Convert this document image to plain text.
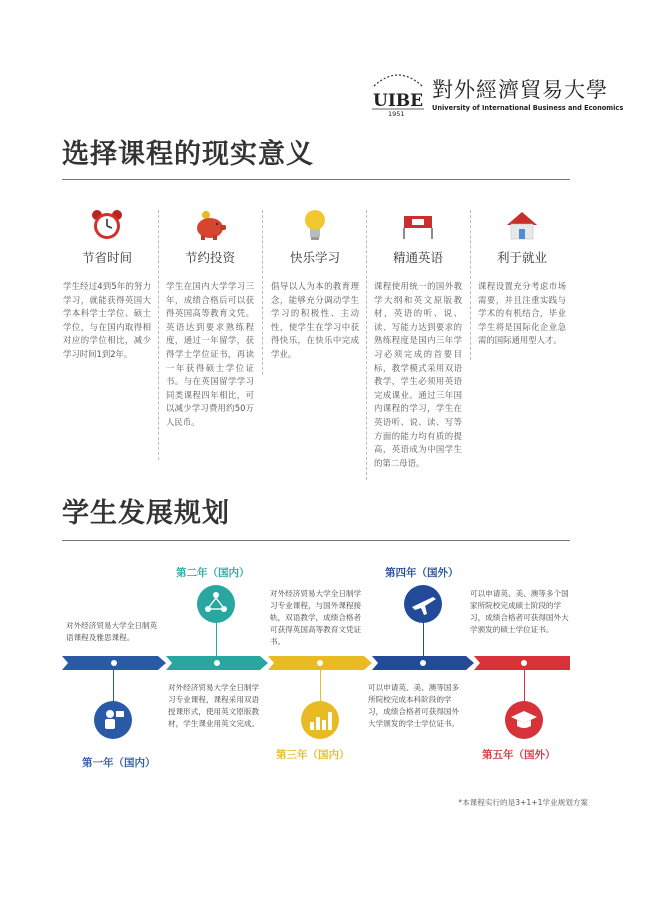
UIBE
1951
對外經濟貿易大學
University of International Business and Economics
选择课程的现实意义
节省时间
学生经过4到5年的努力学习，就能获得英国大学本科学士学位、硕士学位，与在国内取得相对应的学位相比，减少学习时间1到2年。
节约投资
学生在国内大学学习三年，成绩合格后可以获得英国高等教育文凭。英语达到要求熟练程度，通过一年留学，获得学士学位证书，再读一年获得硕士学位证书。与在英国留学学习同类课程四年相比，可以减少学习费用约50万人民币。
快乐学习
倡导以人为本的教育理念，能够充分调动学生学习的积极性、主动性，使学生在学习中获得快乐，在快乐中完成学业。
精通英语
课程使用统一的国外教学大纲和英文原版教材，英语的听、说、读、写能力达到要求的熟练程度是国内三年学习必须完成的首要目标，教学模式采用双语教学，学生必须用英语完成课业。通过三年国内课程的学习，学生在英语听、说、读、写等方面的能力均有质的提高，英语成为中国学生的第二母语。
利于就业
课程设置充分考虑市场需要，并且注重实践与学术的有机结合，毕业学生将是国际化企业急需的国际通用型人才。
学生发展规划
对外经济贸易大学全日制英语课程及雅思课程。
第一年（国内）
第二年（国内）
对外经济贸易大学全日制学习专业课程，课程采用双语授课形式，使用英文原版教材，学生课业用英文完成。
对外经济贸易大学全日制学习专业课程，与国外课程接轨，双语教学，成绩合格者可获得英国高等教育文凭证书。
第三年（国内）
第四年（国外）
可以申请英、美、澳等国多所院校完成本科阶段的学习，成绩合格者可获得国外大学颁发的学士学位证书。
可以申请英、美、澳等多个国家所院校完成硕士阶段的学习，成绩合格者可获得国外大学颁发的硕士学位证书。
第五年（国外）
*本课程实行的是3+1+1学业规划方案
